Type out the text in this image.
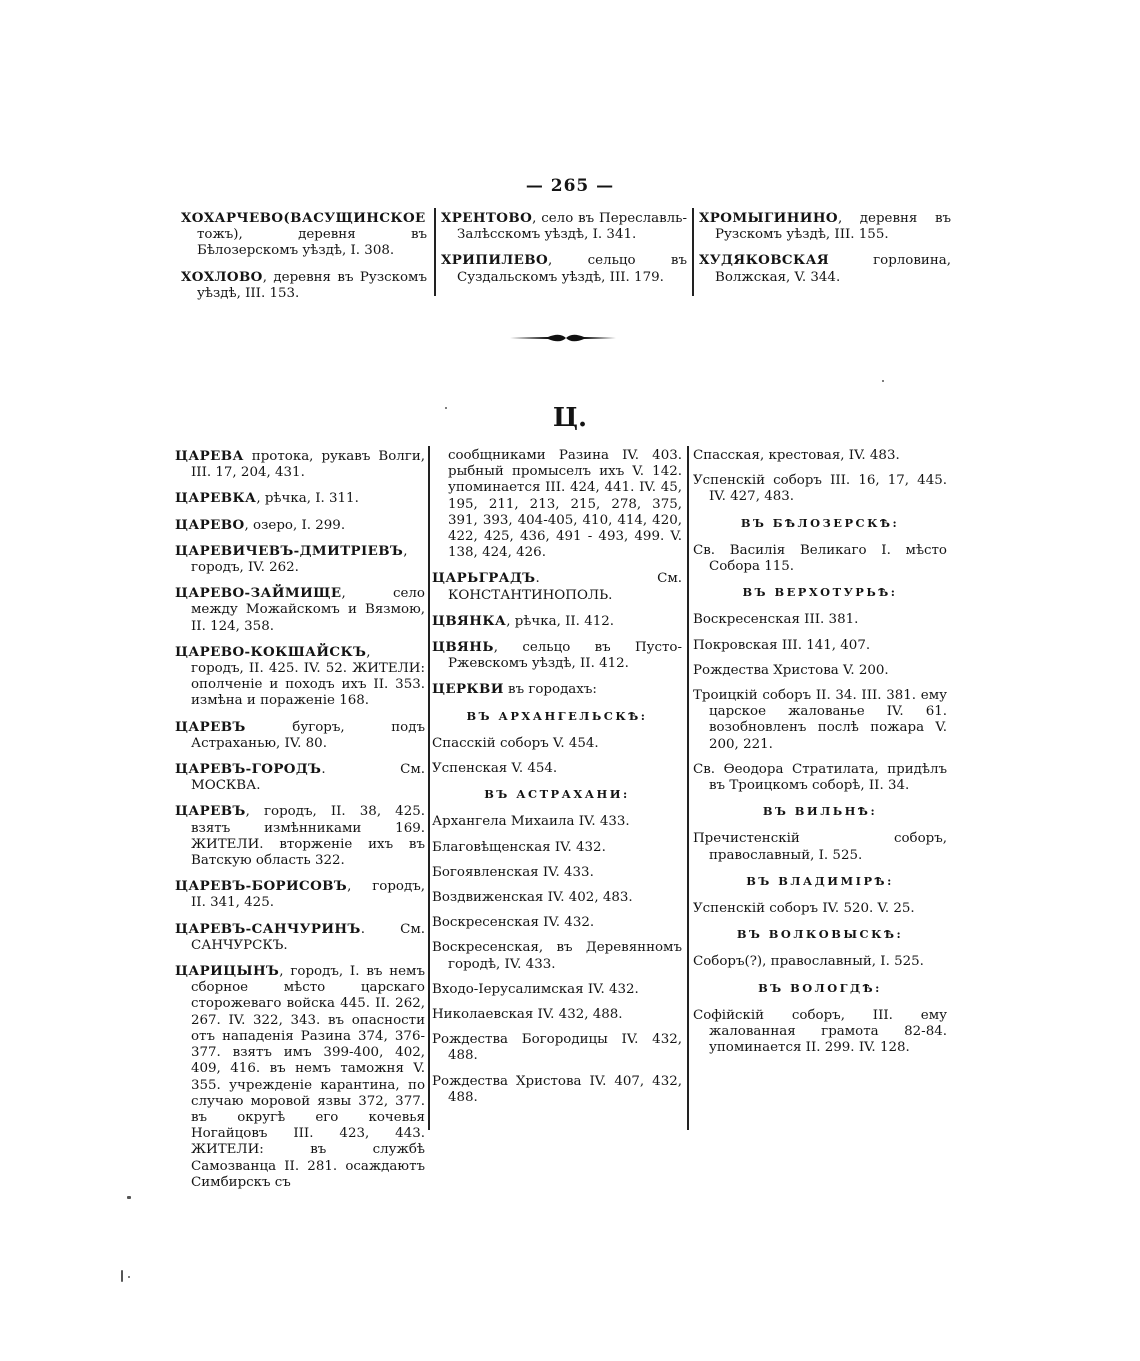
— 265 —

ХОХАРЧЕВО(ВАСУЩИНСКОЕ тожъ), деревня въ Бѣлозерскомъ уѣздѣ, I. 308.

ХОХЛОВО, деревня въ Рузскомъ уѣздѣ, III. 153.

ХРЕНТОВО, село въ Переславль-Залѣсскомъ уѣздѣ, I. 341.

ХРИПИЛЕВО, сельцо въ Суздальскомъ уѣздѣ, III. 179.

ХРОМЫГИНИНО, деревня въ Рузскомъ уѣздѣ, III. 155.

ХУДЯКОВСКАЯ горловина, Волжская, V. 344.

Ц.

ЦАРЕВА протока, рукавъ Волги, III. 17, 204, 431.

ЦАРЕВКА, рѣчка, I. 311.

ЦАРЕВО, озеро, I. 299.

ЦАРЕВИЧЕВЪ-ДМИТРІЕВЪ, городъ, IV. 262.

ЦАРЕВО-ЗАЙМИЩЕ, село между Можайскомъ и Вязмою, II. 124, 358.

ЦАРЕВО-КОКШАЙСКЪ, городъ, II. 425. IV. 52. ЖИТЕЛИ: ополченіе и походъ ихъ II. 353. измѣна и пораженіе 168.

ЦАРЕВЪ бугоръ, подъ Астраханью, IV. 80.

ЦАРЕВЪ-ГОРОДЪ. См. МОСКВА.

ЦАРЕВЪ, городъ, II. 38, 425. взятъ измѣнниками 169. ЖИТЕЛИ. вторженіе ихъ въ Ватскую область 322.

ЦАРЕВЪ-БОРИСОВЪ, городъ, II. 341, 425.

ЦАРЕВЪ-САНЧУРИНЪ. См. САНЧУРСКЪ.

ЦАРИЦЫНЪ, городъ, I. въ немъ сборное мѣсто царскаго сторожеваго войска 445. II. 262, 267. IV. 322, 343. въ опасности отъ нападенія Разина 374, 376-377. взятъ имъ 399-400, 402, 409, 416. въ немъ таможня V. 355. учрежденіе карантина, по случаю моровой язвы 372, 377. въ округѣ его кочевья Ногайцовъ III. 423, 443. ЖИТЕЛИ: въ службѣ Самозванца II. 281. осаждаютъ Симбирскъ съ

сообщниками Разина IV. 403. рыбный промыселъ ихъ V. 142. упоминается III. 424, 441. IV. 45, 195, 211, 213, 215, 278, 375, 391, 393, 404-405, 410, 414, 420, 422, 425, 436, 491 - 493, 499. V. 138, 424, 426.

ЦАРЬГРАДЪ. См. КОНСТАНТИНОПОЛЬ.

ЦВЯНКА, рѣчка, II. 412.

ЦВЯНЬ, сельцо въ Пусто-Ржевскомъ уѣздѣ, II. 412.

ЦЕРКВИ въ городахъ:

ВЪ АРХАНГЕЛЬСКѢ:

Спасскій соборъ V. 454.

Успенская V. 454.

ВЪ АСТРАХАНИ:

Архангела Михаила IV. 433.

Благовѣщенская IV. 432.

Богоявленская IV. 433.

Воздвиженская IV. 402, 483.

Воскресенская IV. 432.

Воскресенская, въ Деревянномъ городѣ, IV. 433.

Входо-Іерусалимская IV. 432.

Николаевская IV. 432, 488.

Рождества Богородицы IV. 432, 488.

Рождества Христова IV. 407, 432, 488.

Спасская, крестовая, IV. 483.

Успенскій соборъ III. 16, 17, 445. IV. 427, 483.

ВЪ БѢЛОЗЕРСКѢ:

Св. Василія Великагo I. мѣсто Собора 115.

ВЪ ВЕРХОТУРЬѢ:

Воскресенская III. 381.

Покровская III. 141, 407.

Рождества Христова V. 200.

Троицкій соборъ II. 34. III. 381. ему царское жалованье IV. 61. возобновленъ послѣ пожара V. 200, 221.

Св. Ѳеодора Стратилата, придѣлъ въ Троицкомъ соборѣ, II. 34.

ВЪ ВИЛЬНѢ:

Пречистенскій соборъ, православный, I. 525.

ВЪ ВЛАДИМІРѢ:

Успенскій соборъ IV. 520. V. 25.

ВЪ ВОЛКОВЫСКѢ:

Соборъ(?), православный, I. 525.

ВЪ ВОЛОГДѢ:

Софійскій соборъ, III. ему жалованная грамота 82-84. упоминается II. 299. IV. 128.
